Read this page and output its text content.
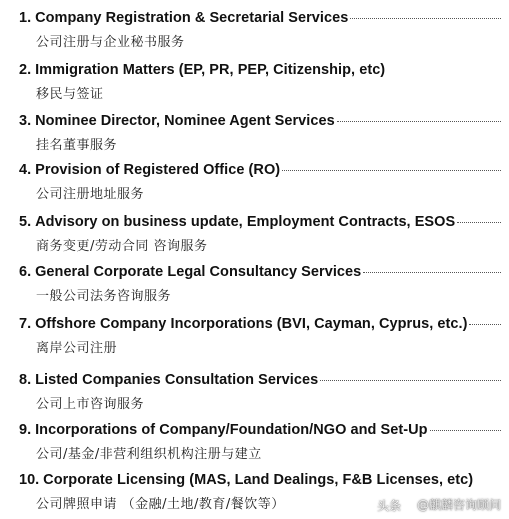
1. Company Registration & Secretarial Services
公司注册与企业秘书服务
2. Immigration Matters (EP, PR, PEP, Citizenship, etc)
移民与签证
3. Nominee Director, Nominee Agent Services
挂名董事服务
4. Provision of Registered Office (RO)
公司注册地址服务
5. Advisory on business update, Employment Contracts, ESOS
商务变更/劳动合同 咨询服务
6. General Corporate Legal Consultancy Services
一般公司法务咨询服务
7. Offshore Company Incorporations (BVI, Cayman, Cyprus, etc.)
离岸公司注册
8. Listed Companies Consultation Services
公司上市咨询服务
9. Incorporations of Company/Foundation/NGO and Set-Up
公司/基金/非营利组织机构注册与建立
10. Corporate Licensing (MAS, Land Dealings, F&B Licenses, etc)
公司牌照申请 （金融/土地/教育/餐饮等）	头条	@麒麟咨询顾问
